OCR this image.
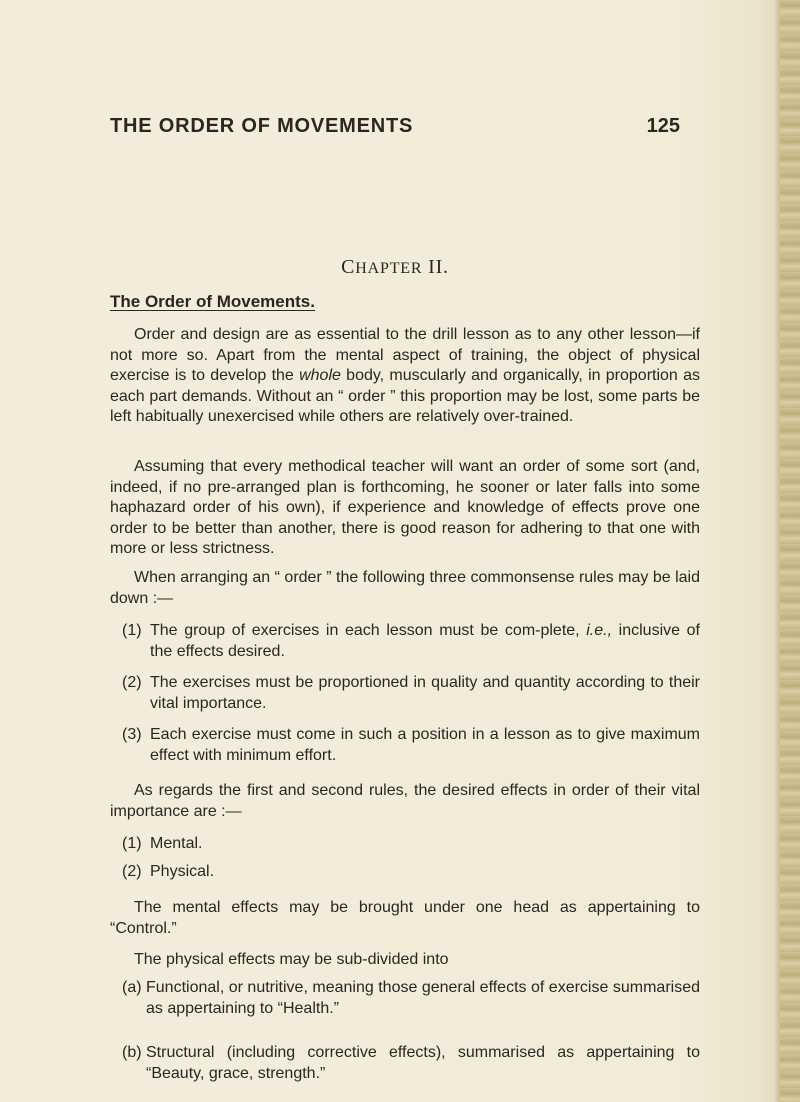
THE ORDER OF MOVEMENTS	125
CHAPTER II.
The Order of Movements.

Order and design are as essential to the drill lesson as to any other lesson—if not more so. Apart from the mental aspect of training, the object of physical exercise is to develop the whole body, muscularly and organically, in proportion as each part demands. Without an “ order ” this proportion may be lost, some parts be left habitually unexercised while others are relatively over-trained.

Assuming that every methodical teacher will want an order of some sort (and, indeed, if no pre-arranged plan is forthcoming, he sooner or later falls into some haphazard order of his own), if experience and knowledge of effects prove one order to be better than another, there is good reason for adhering to that one with more or less strictness.

When arranging an “ order ” the following three commonsense rules may be laid down :—

(1) The group of exercises in each lesson must be com-plete, i.e., inclusive of the effects desired.
(2) The exercises must be proportioned in quality and quantity according to their vital importance.
(3) Each exercise must come in such a position in a lesson as to give maximum effect with minimum effort.

As regards the first and second rules, the desired effects in order of their vital importance are :—

(1) Mental.
(2) Physical.

The mental effects may be brought under one head as appertaining to “Control.”

The physical effects may be sub-divided into

(a) Functional, or nutritive, meaning those general effects of exercise summarised as appertaining to “Health.”
(b) Structural (including corrective effects), summarised as appertaining to “Beauty, grace, strength.”
